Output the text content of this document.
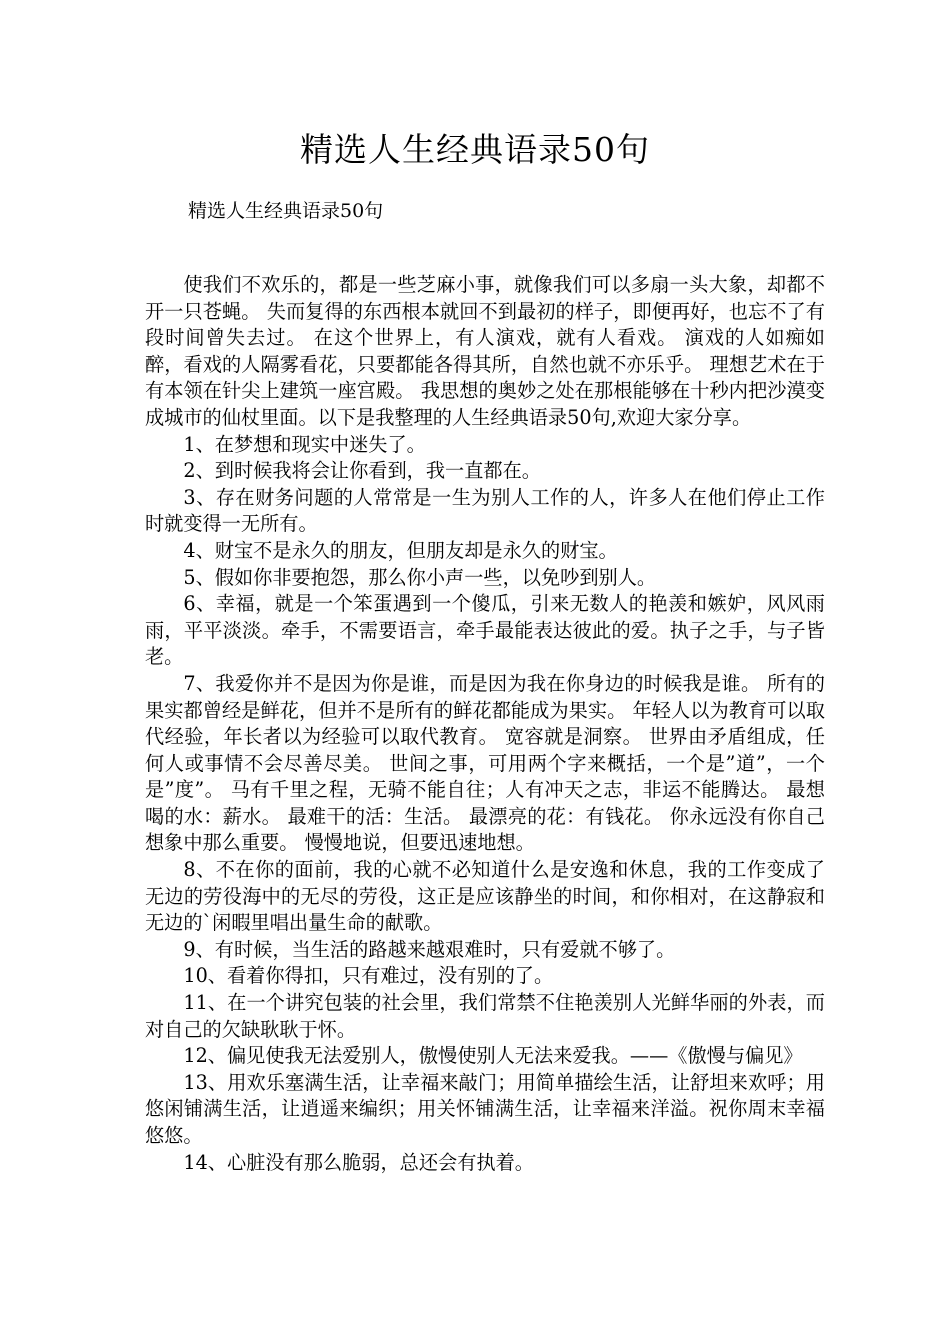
精选人生经典语录50句
精选人生经典语录50句

使我们不欢乐的，都是一些芝麻小事，就像我们可以多扇一头大象，却都不开一只苍蝇。 失而复得的东西根本就回不到最初的样子，即便再好，也忘不了有段时间曾失去过。 在这个世界上，有人演戏，就有人看戏。 演戏的人如痴如醉，看戏的人隔雾看花，只要都能各得其所，自然也就不亦乐乎。 理想艺术在于有本领在针尖上建筑一座宫殿。 我思想的奥妙之处在那根能够在十秒内把沙漠变成城市的仙杖里面。以下是我整理的人生经典语录50句,欢迎大家分享。

1、在梦想和现实中迷失了。

2、到时候我将会让你看到，我一直都在。

3、存在财务问题的人常常是一生为别人工作的人，许多人在他们停止工作时就变得一无所有。

4、财宝不是永久的朋友，但朋友却是永久的财宝。

5、假如你非要抱怨，那么你小声一些，以免吵到别人。

6、幸福，就是一个笨蛋遇到一个傻瓜，引来无数人的艳羡和嫉妒，风风雨雨，平平淡淡。牵手，不需要语言，牵手最能表达彼此的爱。执子之手，与子皆老。

7、我爱你并不是因为你是谁，而是因为我在你身边的时候我是谁。 所有的果实都曾经是鲜花，但并不是所有的鲜花都能成为果实。 年轻人以为教育可以取代经验，年长者以为经验可以取代教育。 宽容就是洞察。 世界由矛盾组成，任何人或事情不会尽善尽美。 世间之事，可用两个字来概括，一个是”道”，一个是”度”。 马有千里之程，无骑不能自往；人有冲天之志，非运不能腾达。 最想喝的水：薪水。 最难干的活：生活。 最漂亮的花：有钱花。 你永远没有你自己想象中那么重要。 慢慢地说，但要迅速地想。

8、不在你的面前，我的心就不必知道什么是安逸和休息，我的工作变成了无边的劳役海中的无尽的劳役，这正是应该静坐的时间，和你相对，在这静寂和无边的`闲暇里唱出量生命的献歌。

9、有时候，当生活的路越来越艰难时，只有爱就不够了。

10、看着你得扣，只有难过，没有别的了。

11、在一个讲究包装的社会里，我们常禁不住艳羡别人光鲜华丽的外表，而对自己的欠缺耿耿于怀。

12、偏见使我无法爱别人，傲慢使别人无法来爱我。——《傲慢与偏见》

13、用欢乐塞满生活，让幸福来敲门；用简单描绘生活，让舒坦来欢呼；用悠闲铺满生活，让逍遥来编织；用关怀铺满生活，让幸福来洋溢。祝你周末幸福悠悠。

14、心脏没有那么脆弱，总还会有执着。
